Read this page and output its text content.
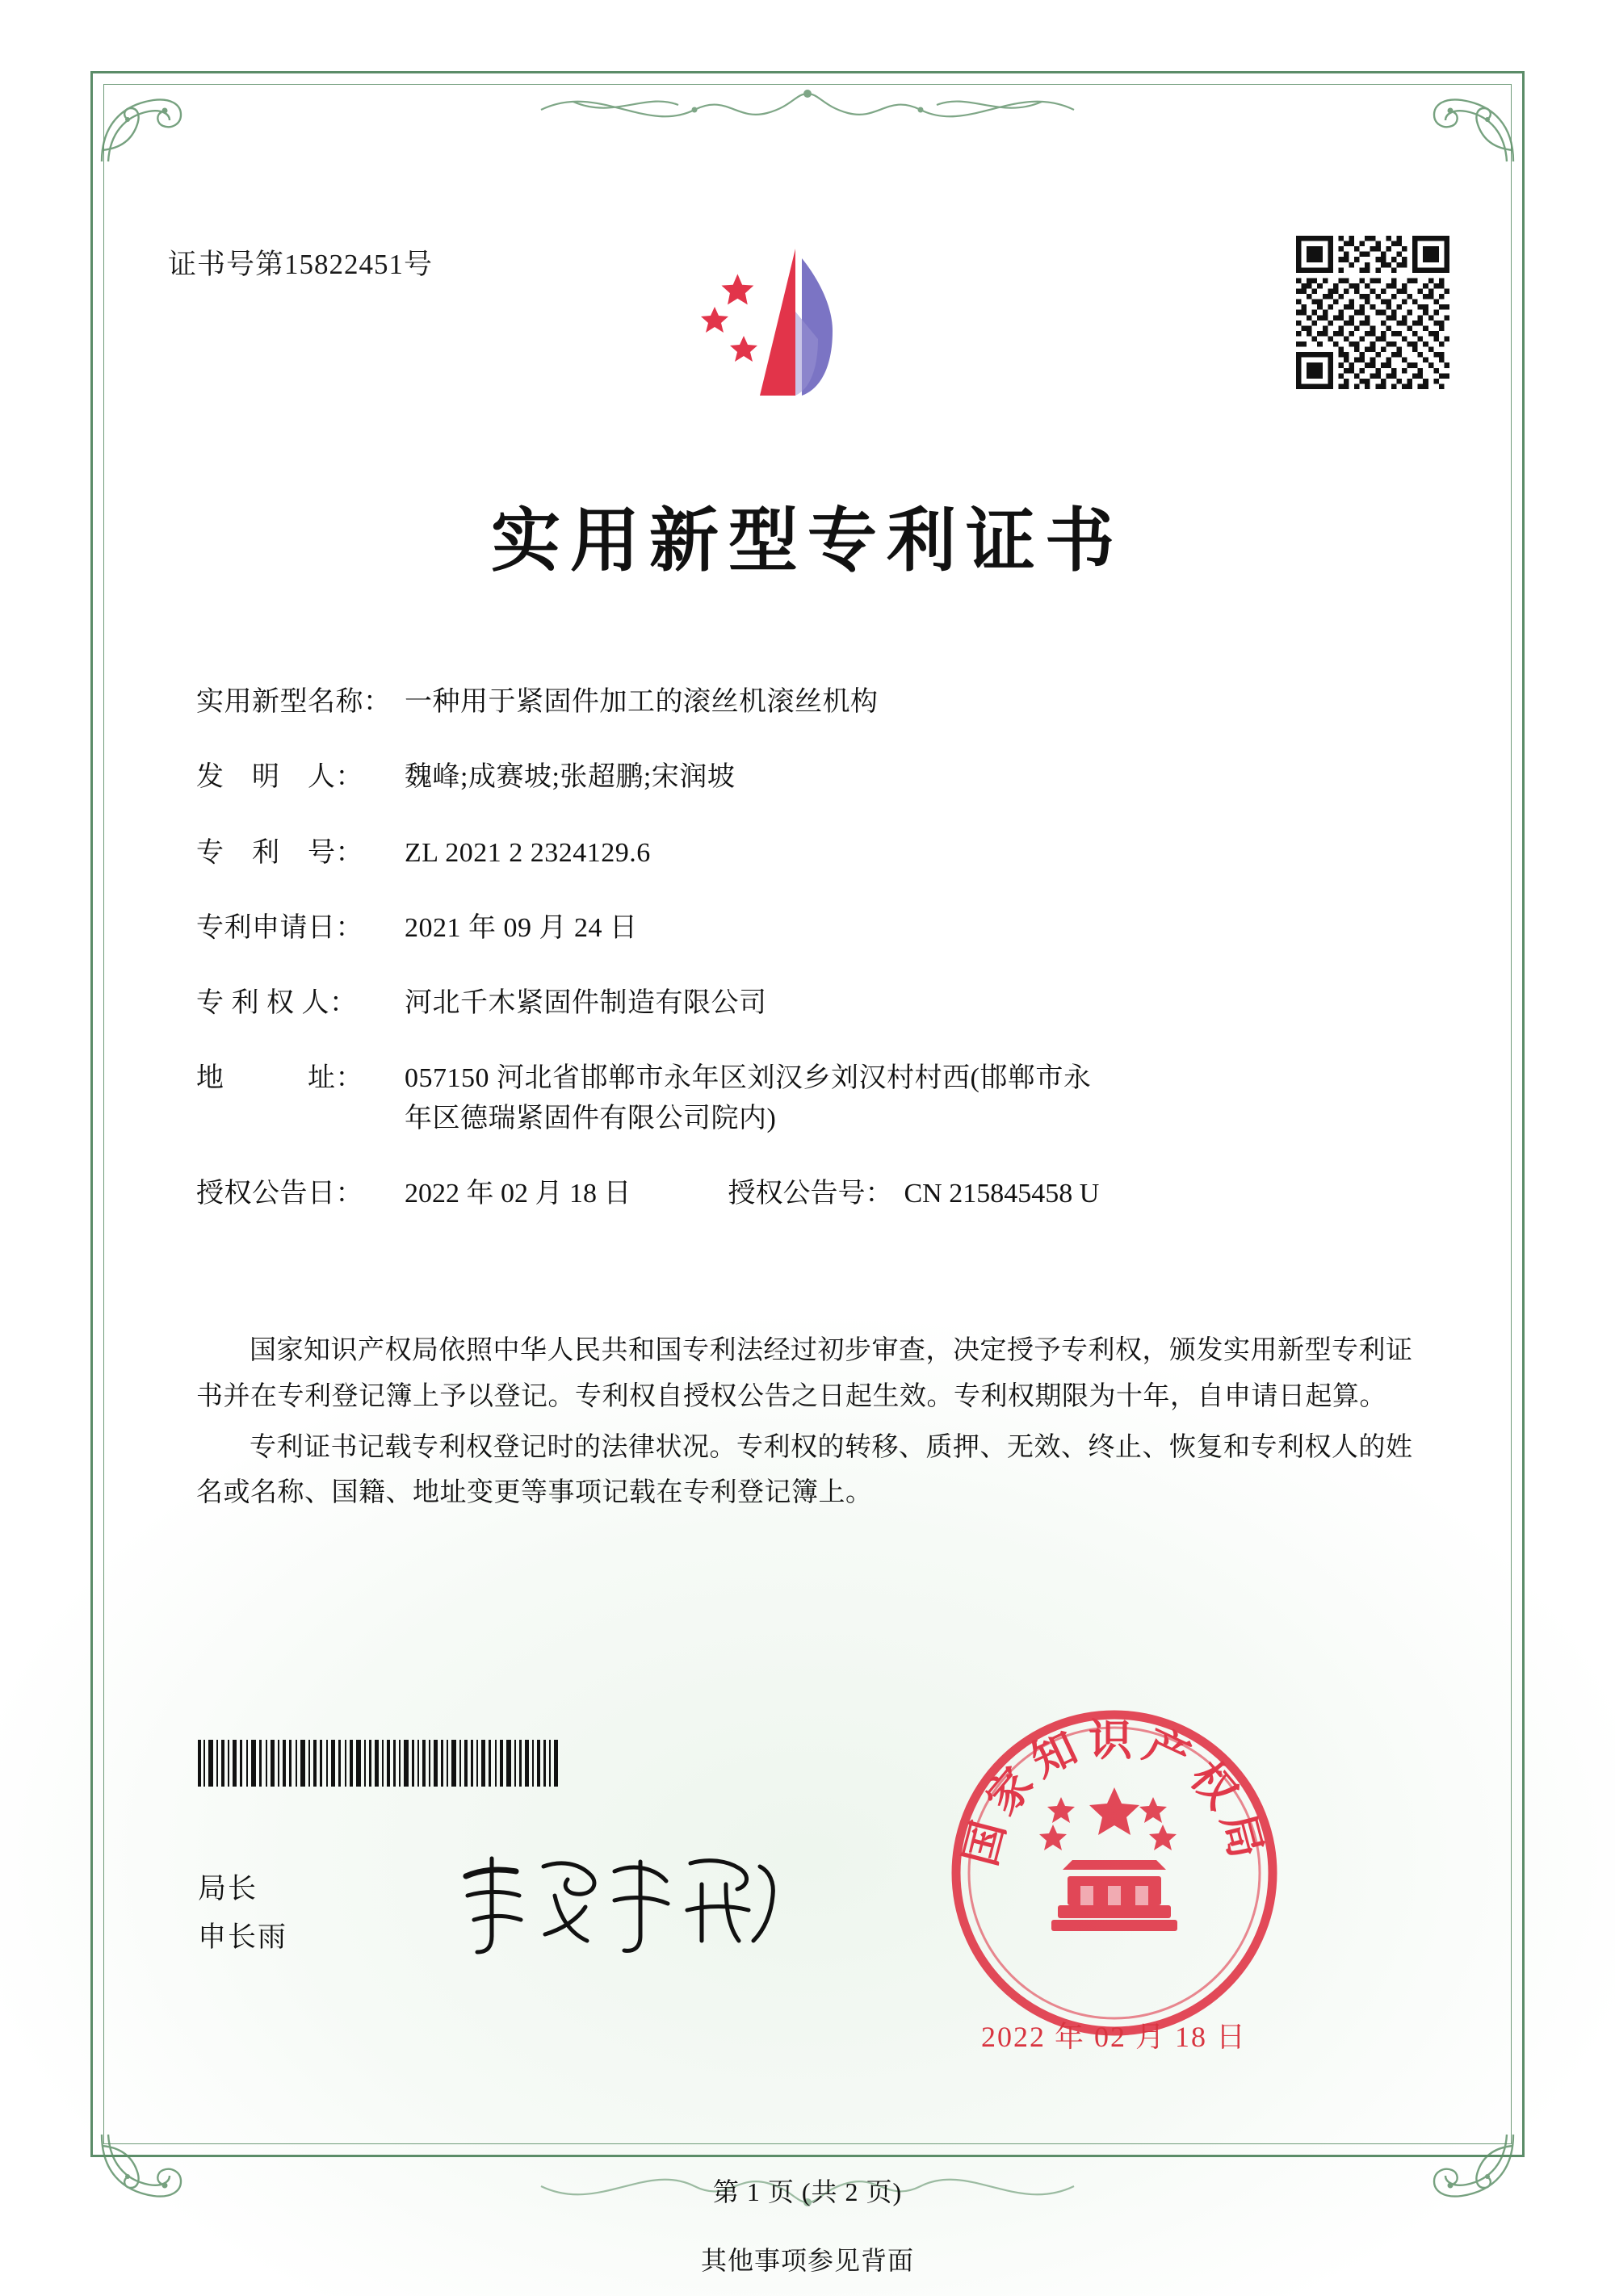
证书号第15822451号
实用新型专利证书
实用新型名称： 一种用于紧固件加工的滚丝机滚丝机构
发　明　人：	魏峰;成赛坡;张超鹏;宋润坡
专　利　号：	ZL 2021 2 2324129.6
专利申请日：	2021 年 09 月 24 日
专 利 权 人：	河北千木紧固件制造有限公司
地　　　址：	057150 河北省邯郸市永年区刘汉乡刘汉村村西(邯郸市永
年区德瑞紧固件有限公司院内)
授权公告日：	2022 年 02 月 18 日	授权公告号： CN 215845458 U

国家知识产权局依照中华人民共和国专利法经过初步审查，决定授予专利权，颁发实用新型专利证书并在专利登记簿上予以登记。专利权自授权公告之日起生效。专利权期限为十年，自申请日起算。

专利证书记载专利权登记时的法律状况。专利权的转移、质押、无效、终止、恢复和专利权人的姓名或名称、国籍、地址变更等事项记载在专利登记簿上。

局长
申长雨
国家知识产权局
2022 年 02 月 18 日
第 1 页 (共 2 页)
其他事项参见背面
